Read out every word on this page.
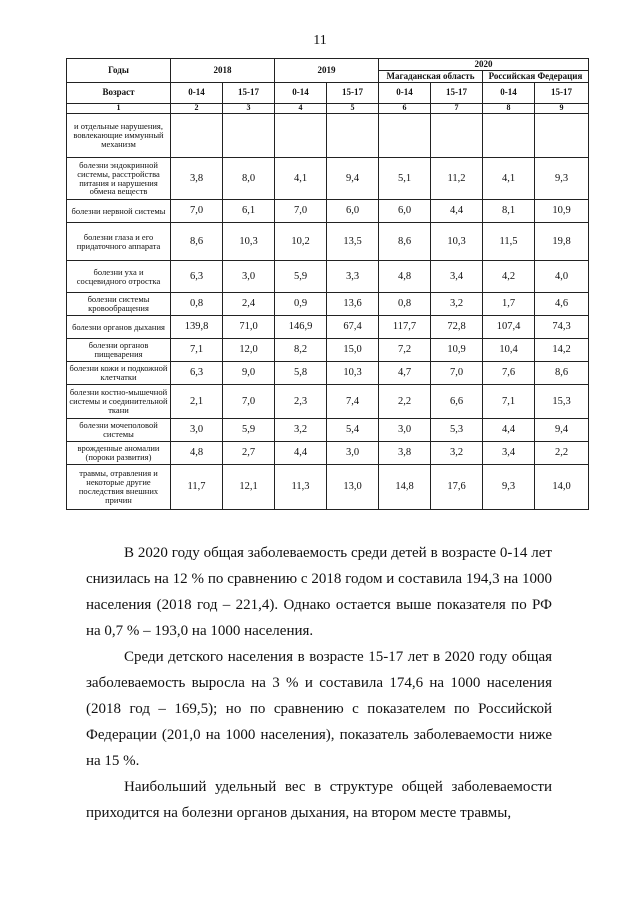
11
Годы	2018		2019		2020			
					Магаданская область		Российская Федерация	
Возраст	0-14	15-17	0-14	15-17	0-14	15-17	0-14	15-17
1	2	3	4	5	6	7	8	9
и отдельные нарушения, вовлекающие иммунный механизм								
болезни эндокринной системы, расстройства питания и нарушения обмена веществ	3,8	8,0	4,1	9,4	5,1	11,2	4,1	9,3
болезни нервной системы	7,0	6,1	7,0	6,0	6,0	4,4	8,1	10,9
болезни глаза и его придаточного аппарата	8,6	10,3	10,2	13,5	8,6	10,3	11,5	19,8
болезни уха и сосцевидного отростка	6,3	3,0	5,9	3,3	4,8	3,4	4,2	4,0
болезни системы кровообращения	0,8	2,4	0,9	13,6	0,8	3,2	1,7	4,6
болезни органов дыхания	139,8	71,0	146,9	67,4	117,7	72,8	107,4	74,3
болезни органов пищеварения	7,1	12,0	8,2	15,0	7,2	10,9	10,4	14,2
болезни кожи и подкожной клетчатки	6,3	9,0	5,8	10,3	4,7	7,0	7,6	8,6
болезни костно-мышечной системы и соединительной ткани	2,1	7,0	2,3	7,4	2,2	6,6	7,1	15,3
болезни мочеполовой системы	3,0	5,9	3,2	5,4	3,0	5,3	4,4	9,4
врожденные аномалии (пороки развития)	4,8	2,7	4,4	3,0	3,8	3,2	3,4	2,2
травмы, отравления и некоторые другие последствия внешних причин	11,7	12,1	11,3	13,0	14,8	17,6	9,3	14,0

В 2020 году общая заболеваемость среди детей в возрасте 0-14 лет снизилась на 12 % по сравнению с 2018 годом и составила 194,3 на 1000 населения (2018 год – 221,4). Однако остается выше показателя по РФ на 0,7 % – 193,0 на 1000 населения.

Среди детского населения в возрасте 15-17 лет в 2020 году общая заболеваемость выросла на 3 % и составила 174,6 на 1000 населения (2018 год – 169,5); но по сравнению с показателем по Российской Федерации (201,0 на 1000 населения), показатель заболеваемости ниже на 15 %.

Наибольший удельный вес в структуре общей заболеваемости приходится на болезни органов дыхания, на втором месте травмы,
